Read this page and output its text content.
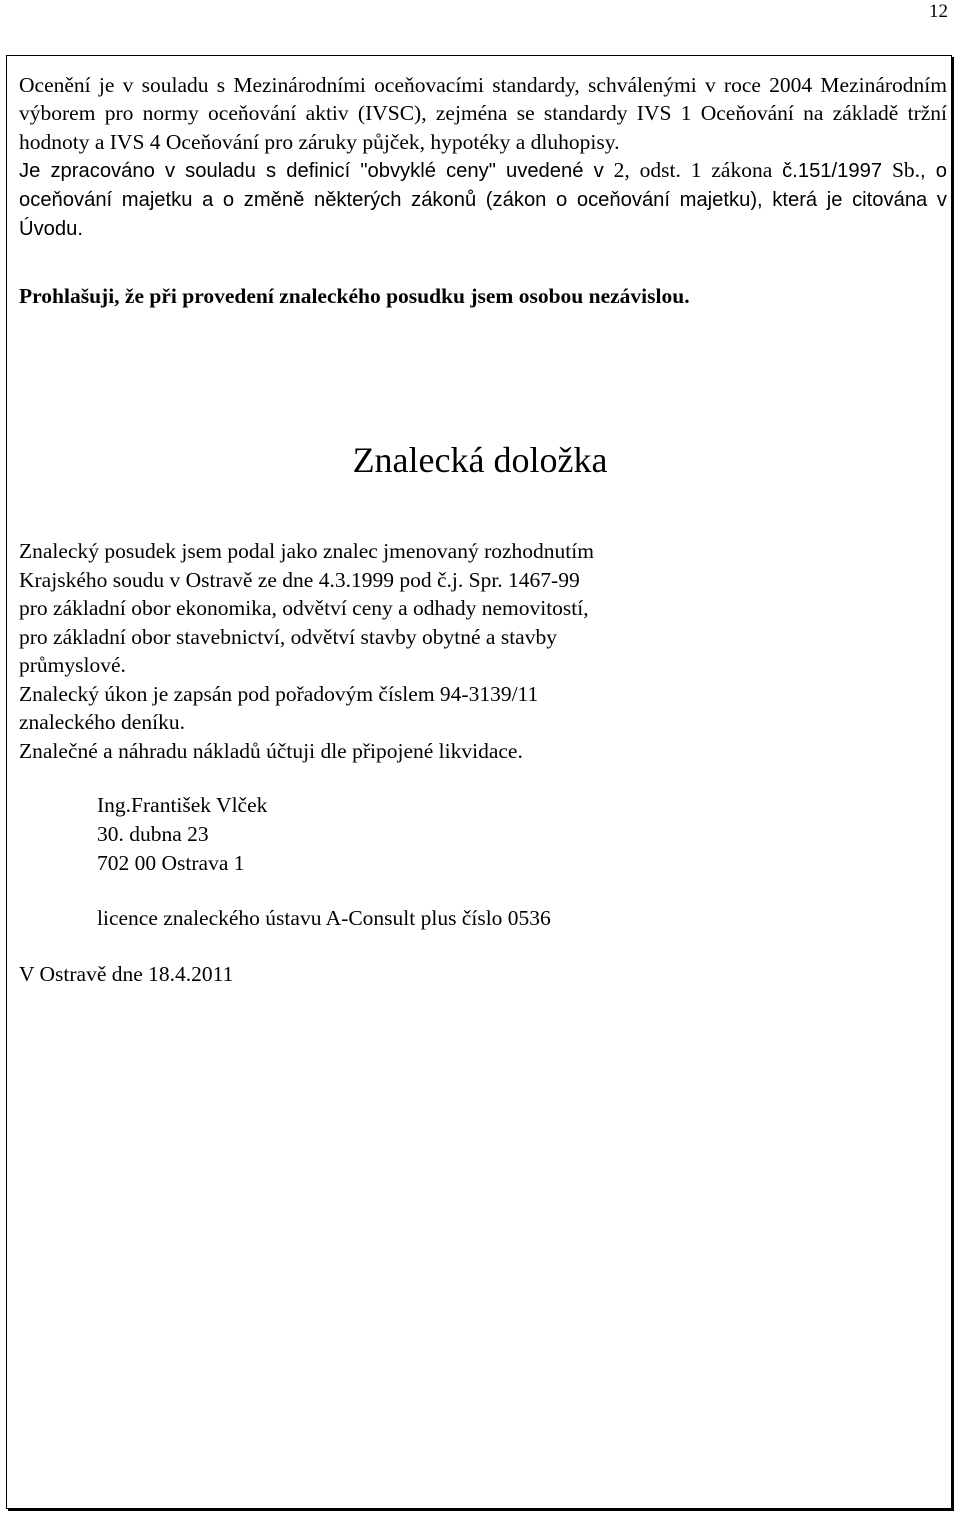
12

Ocenění je v souladu s Mezinárodními oceňovacími standardy, schválenými v roce 2004 Mezinárodním výborem pro normy oceňování aktiv (IVSC), zejména se standardy IVS 1 Oceňování na základě tržní hodnoty a IVS 4 Oceňování pro záruky půjček, hypotéky a dluhopisy.

Je zpracováno v souladu s definicí "obvyklé ceny" uvedené v 2, odst. 1 zákona č.151/1997 Sb., o oceňování majetku a o změně některých zákonů (zákon o oceňování majetku), která je citována v Úvodu.

Prohlašuji, že při provedení znaleckého posudku jsem osobou nezávislou.

Znalecká doložka
Znalecký posudek jsem podal jako znalec jmenovaný rozhodnutím
Krajského soudu v Ostravě ze dne 4.3.1999 pod č.j. Spr. 1467-99
pro základní obor ekonomika, odvětví ceny a odhady nemovitostí,
pro základní obor stavebnictví, odvětví stavby obytné a stavby
průmyslové.
Znalecký úkon je zapsán pod pořadovým číslem 94-3139/11
znaleckého deníku.
Znalečné a náhradu nákladů účtuji dle připojené likvidace.
Ing.František Vlček
30. dubna 23
702 00 Ostrava 1
licence znaleckého ústavu A-Consult plus číslo 0536
V Ostravě dne 18.4.2011
